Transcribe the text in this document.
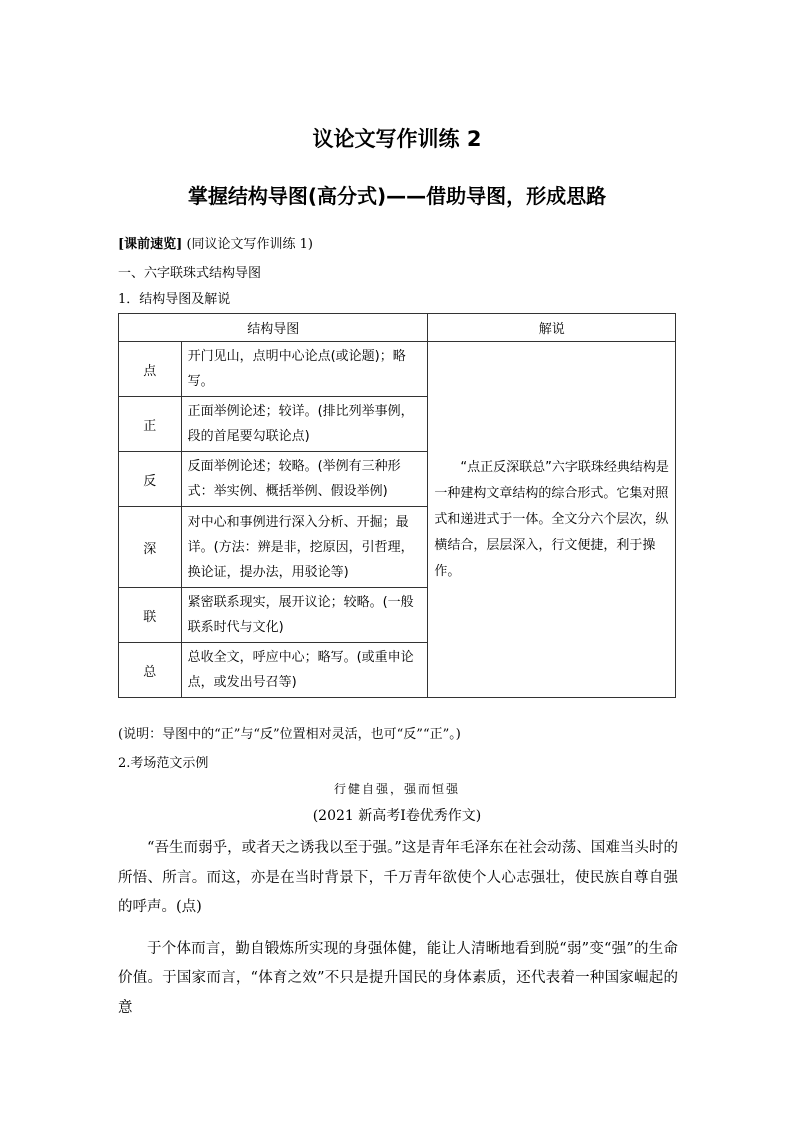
议论文写作训练 2
掌握结构导图(高分式)——借助导图，形成思路
[课前速览] (同议论文写作训练 1)
一、六字联珠式结构导图
1．结构导图及解说
结构导图		解说
点	开门见山，点明中心论点(或论题)；略写。	“点正反深联总”六字联珠经典结构是一种建构文章结构的综合形式。它集对照式和递进式于一体。全文分六个层次，纵横结合，层层深入，行文便捷，利于操作。
正	正面举例论述；较详。(排比列举事例，段的首尾要勾联论点)	
反	反面举例论述；较略。(举例有三种形式：举实例、概括举例、假设举例)	
深	对中心和事例进行深入分析、开掘；最详。(方法：辨是非，挖原因，引哲理，换论证，提办法，用驳论等)	
联	紧密联系现实，展开议论；较略。(一般联系时代与文化)	
总	总收全文，呼应中心；略写。(或重申论点，或发出号召等)	
(说明：导图中的“正”与“反”位置相对灵活，也可“反”“正”。)
2.考场范文示例
行健自强，强而恒强
(2021 新高考Ⅰ卷优秀作文)

“吾生而弱乎，或者天之诱我以至于强。”这是青年毛泽东在社会动荡、国难当头时的所悟、所言。而这，亦是在当时背景下，千万青年欲使个人心志强壮，使民族自尊自强的呼声。(点)

于个体而言，勤自锻炼所实现的身强体健，能让人清晰地看到脱“弱”变“强”的生命价值。于国家而言，“体育之效”不只是提升国民的身体素质，还代表着一种国家崛起的意
